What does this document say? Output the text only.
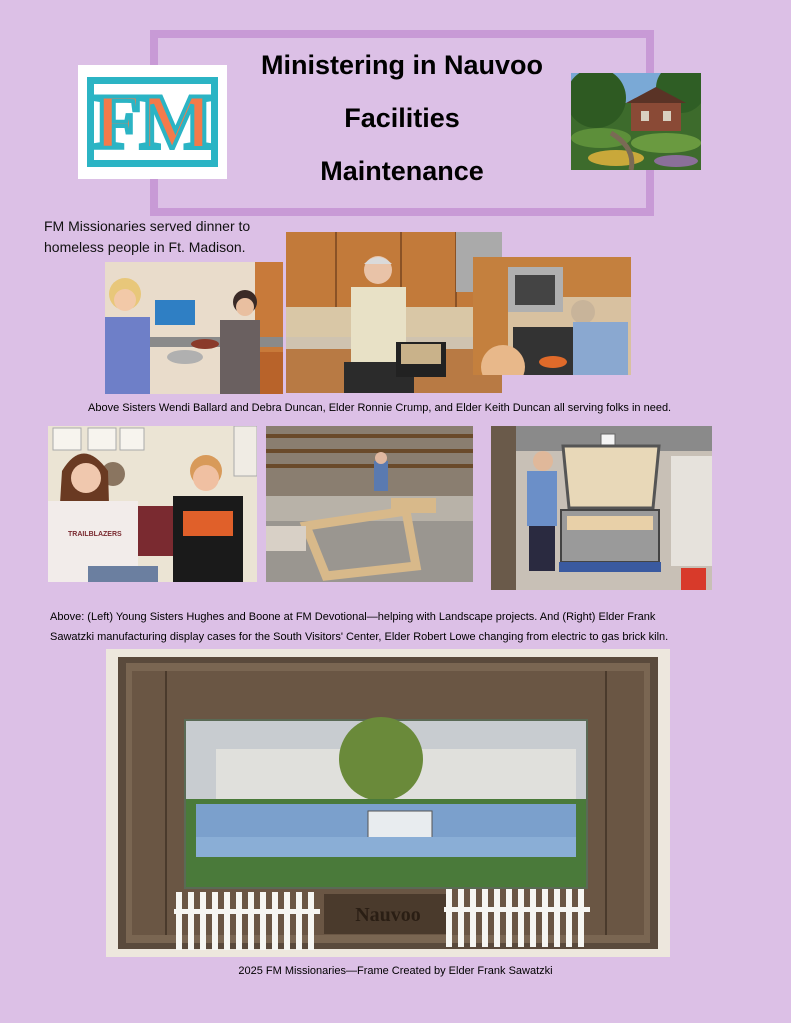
Ministering in Nauvoo
Facilities
Maintenance
FM
FM Missionaries served dinner to
homeless people in Ft. Madison.
Above Sisters Wendi Ballard and Debra Duncan, Elder Ronnie Crump, and Elder Keith Duncan all serving folks in need.
TRAILBLAZERS
Above: (Left) Young Sisters Hughes and Boone at FM Devotional—helping with Landscape projects. And (Right) Elder Frank
Sawatzki manufacturing display cases for the South Visitors' Center, Elder Robert Lowe changing from electric to gas brick kiln.
Nauvoo
2025 FM Missionaries—Frame Created by Elder Frank Sawatzki
